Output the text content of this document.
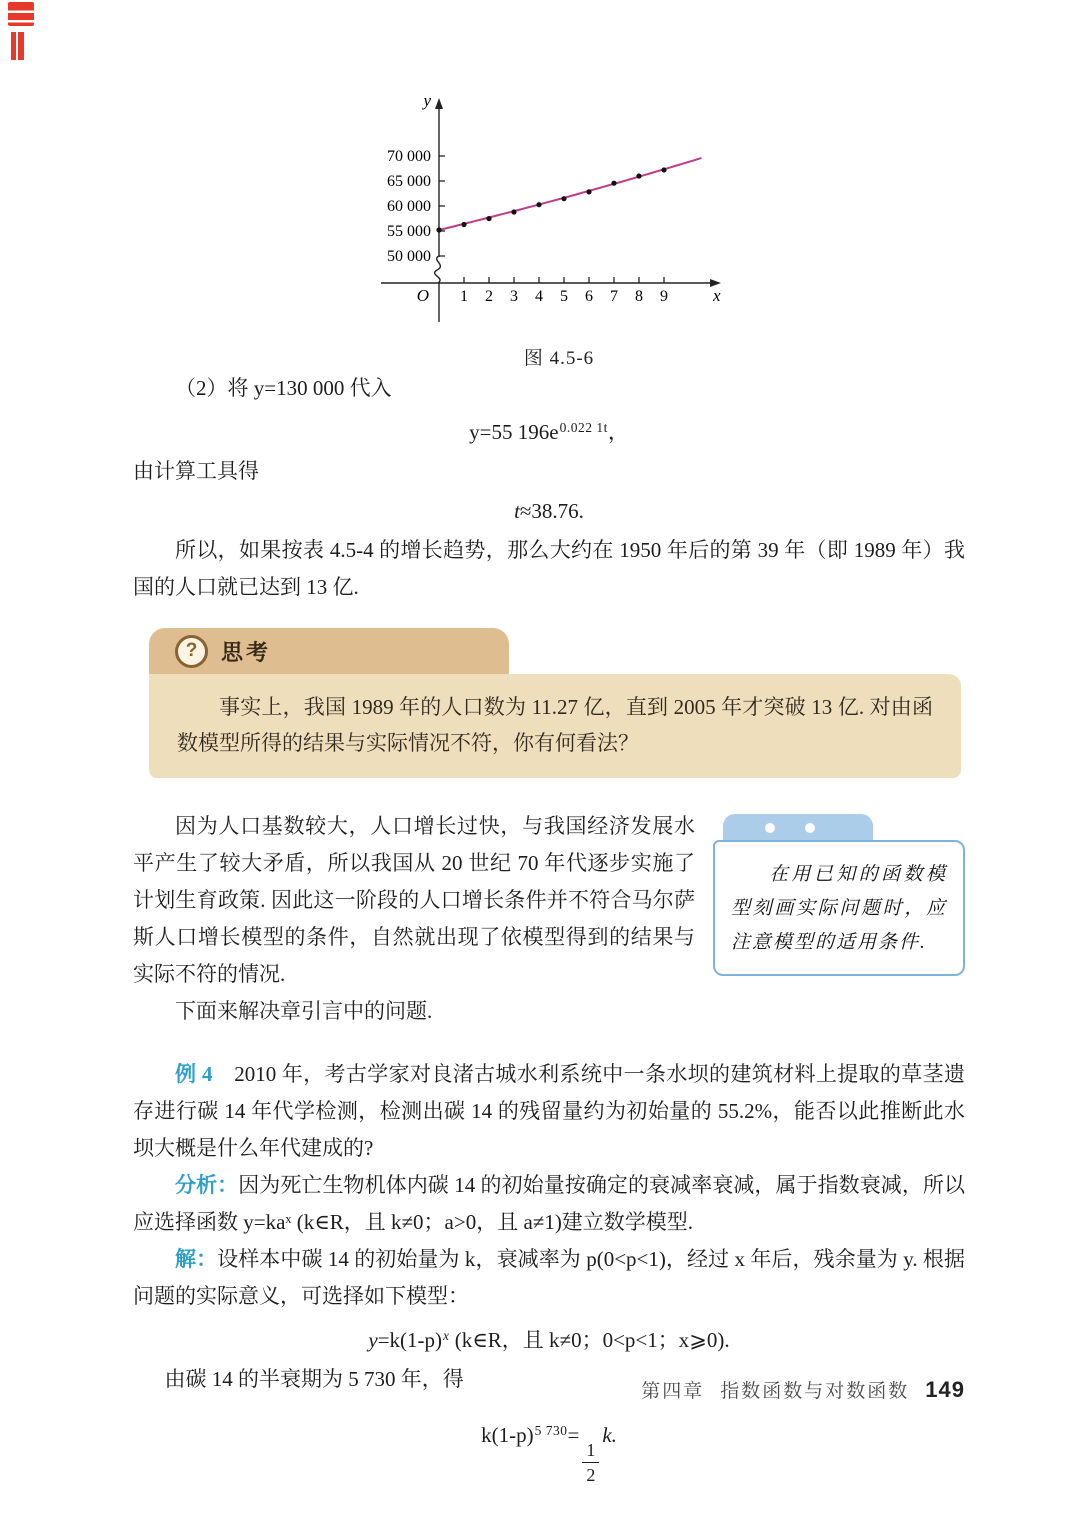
y
x
O
70 000
65 000
60 000
55 000
50 000
1 2 3 4 5 6 7 8 9
图 4.5-6

（2）将 y=130 000 代入

y=55 $196e^{0.022 1t}$，

由计算工具得

t≈38.76.

所以，如果按表 4.5-4 的增长趋势，那么大约在 1950 年后的第 39 年（即 1989 年）我国的人口就已达到 13 亿.

?	思考
事实上，我国 1989 年的人口数为 11.27 亿，直到 2005 年才突破 13 亿. 对由函数模型所得的结果与实际情况不符，你有何看法？
在用已知的函数模型刻画实际问题时，应注意模型的适用条件.

因为人口基数较大，人口增长过快，与我国经济发展水平产生了较大矛盾，所以我国从 20 世纪 70 年代逐步实施了计划生育政策. 因此这一阶段的人口增长条件并不符合马尔萨斯人口增长模型的条件，自然就出现了依模型得到的结果与实际不符的情况.

下面来解决章引言中的问题.

例 4　2010 年，考古学家对良渚古城水利系统中一条水坝的建筑材料上提取的草茎遗存进行碳 14 年代学检测，检测出碳 14 的残留量约为初始量的 55.2%，能否以此推断此水坝大概是什么年代建成的?

分析：因为死亡生物机体内碳 14 的初始量按确定的衰减率衰减，属于指数衰减，所以应选择函数 y=kaˣ (k∈R，且 k≠0；a>0，且 a≠1)建立数学模型.

解：设样本中碳 14 的初始量为 k，衰减率为 p(0<p<1)，经过 x 年后，残余量为 y. 根据问题的实际意义，可选择如下模型：

$y=k(1-p)^x$ (k∈R，且 k≠0；0<p<1；x⩾0).

由碳 14 的半衰期为 5 730 年，得

$k(1-p)^{5 730}=$
$\frac{1}{2}$
k.
第四章 指数函数与对数函数 149
